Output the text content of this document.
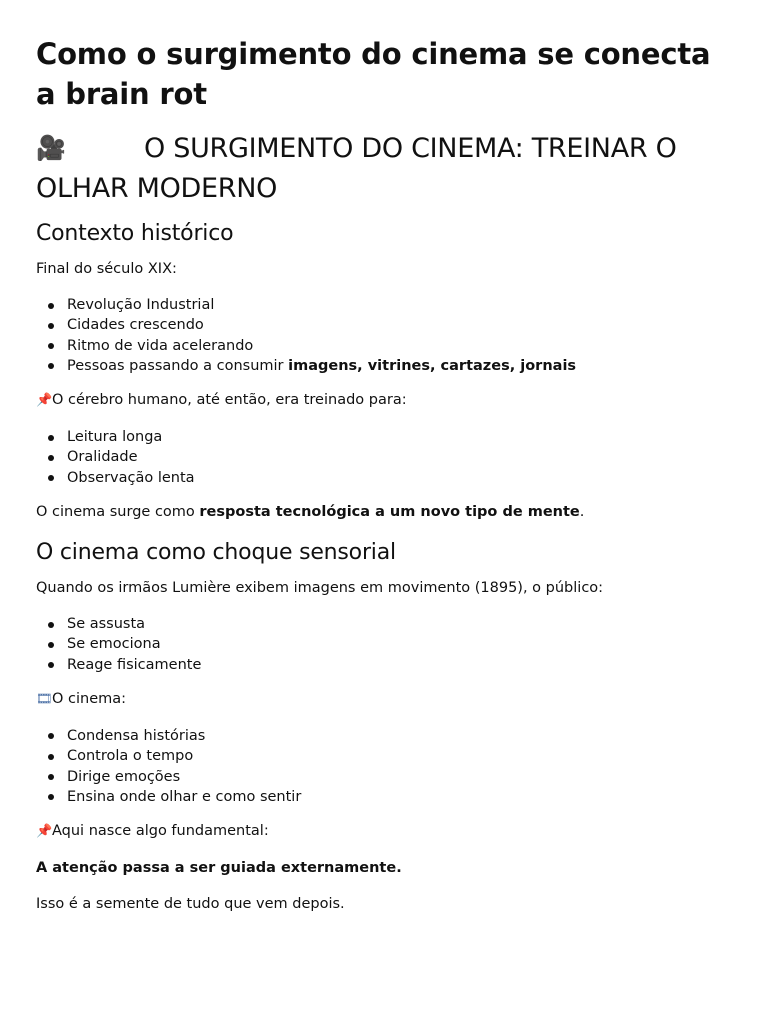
Como o surgimento do cinema se conecta a brain rot
🎥	O SURGIMENTO DO CINEMA: TREINAR O OLHAR MODERNO
Contexto histórico

Final do século XIX:

Revolução Industrial
Cidades crescendo
Ritmo de vida acelerando
Pessoas passando a consumir imagens, vitrines, cartazes, jornais

📌O cérebro humano, até então, era treinado para:

Leitura longa
Oralidade
Observação lenta

O cinema surge como resposta tecnológica a um novo tipo de mente.

O cinema como choque sensorial

Quando os irmãos Lumière exibem imagens em movimento (1895), o público:

Se assusta
Se emociona
Reage fisicamente

🎞O cinema:

Condensa histórias
Controla o tempo
Dirige emoções
Ensina onde olhar e como sentir

📌Aqui nasce algo fundamental:

A atenção passa a ser guiada externamente.

Isso é a semente de tudo que vem depois.
